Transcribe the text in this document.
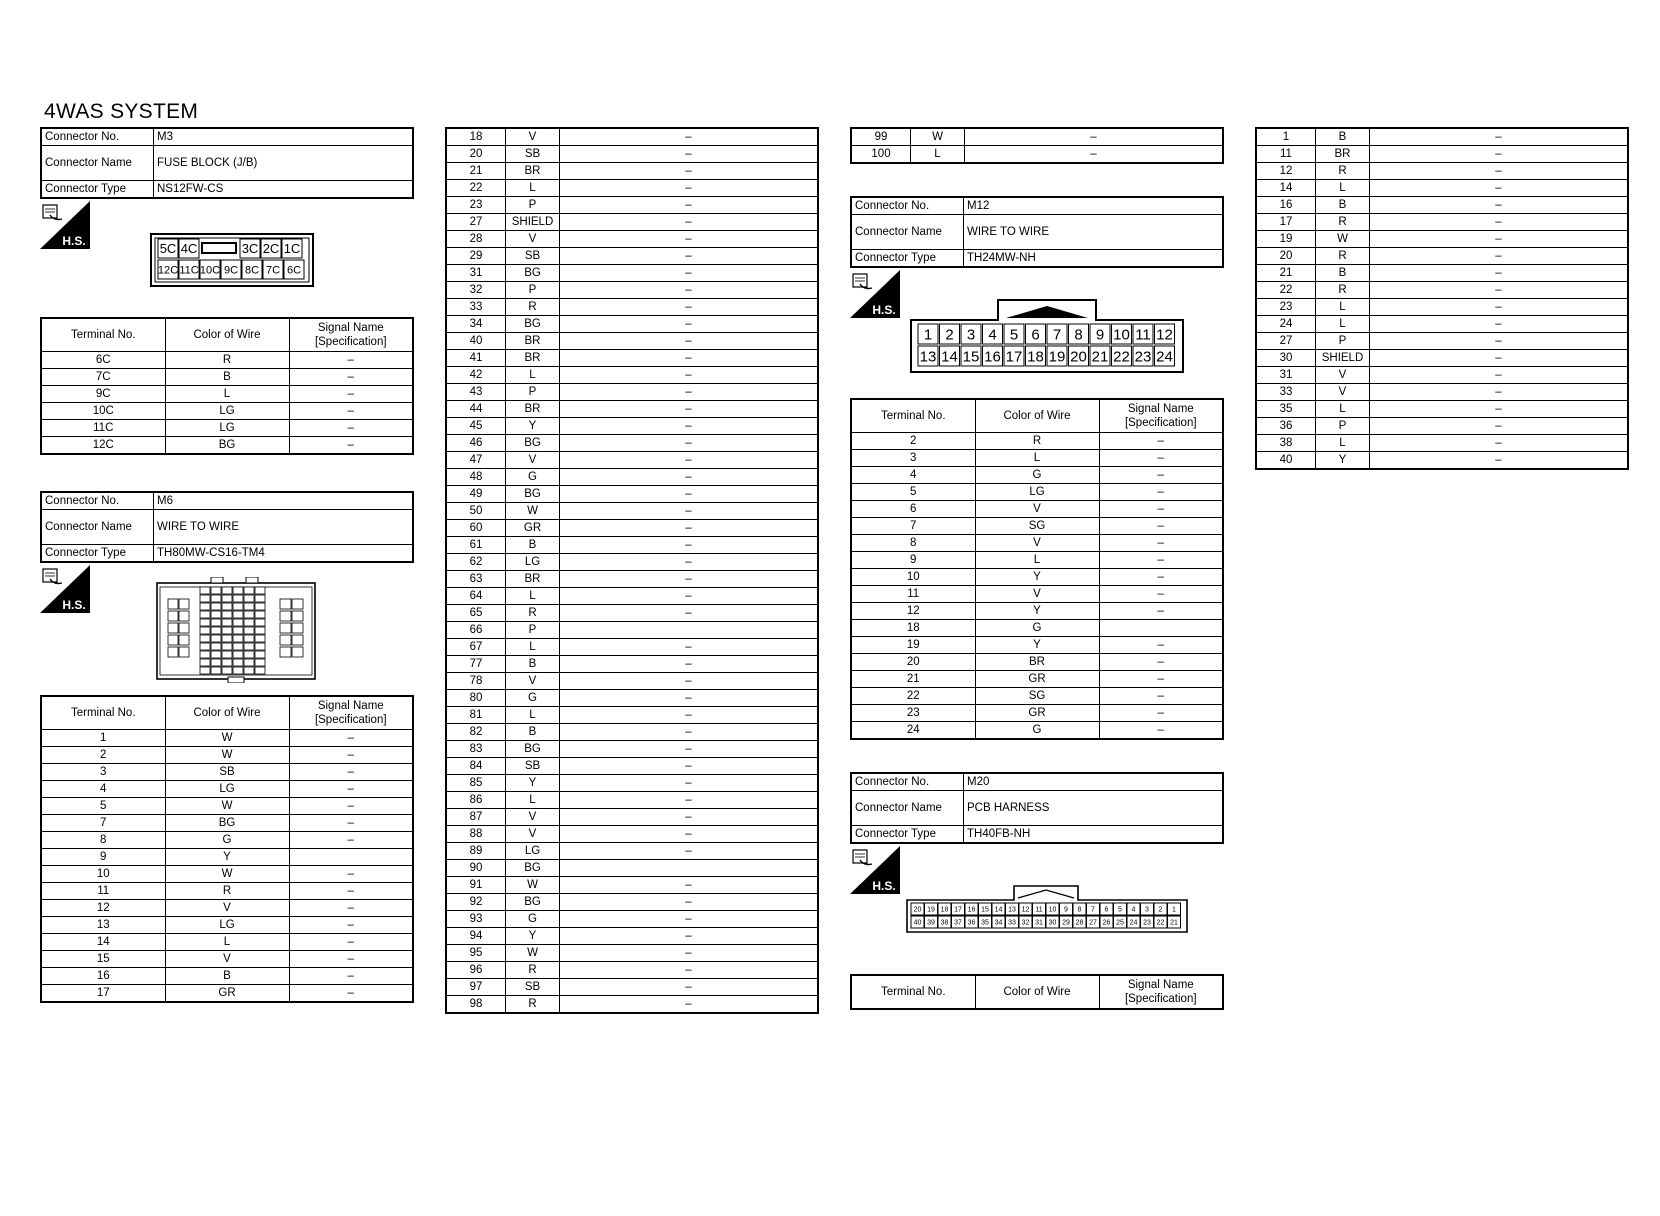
4WAS SYSTEM
Connector No.	M3
Connector Name	FUSE BLOCK (J/B)
Connector Type	NS12FW-CS
H.S.
5C 4C	3C 2C 1C
12C 11C 10C 9C 8C 7C 6C
Terminal No.	Color of Wire	Signal Name [Specification]
6C	R	–
7C	B	–
9C	L	–
10C	LG	–
11C	LG	–
12C	BG	–
Connector No.	M6
Connector Name	WIRE TO WIRE
Connector Type	TH80MW-CS16-TM4
H.S.
Terminal No.	Color of Wire	Signal Name [Specification]
1	W	–
2	W	–
3	SB	–
4	LG	–
5	W	–
7	BG	–
8	G	–
9	Y	
10	W	–
11	R	–
12	V	–
13	LG	–
14	L	–
15	V	–
16	B	–
17	GR	–
18	V	–
20	SB	–
21	BR	–
22	L	–
23	P	–
27	SHIELD	–
28	V	–
29	SB	–
31	BG	–
32	P	–
33	R	–
34	BG	–
40	BR	–
41	BR	–
42	L	–
43	P	–
44	BR	–
45	Y	–
46	BG	–
47	V	–
48	G	–
49	BG	–
50	W	–
60	GR	–
61	B	–
62	LG	–
63	BR	–
64	L	–
65	R	–
66	P	
67	L	–
77	B	–
78	V	–
80	G	–
81	L	–
82	B	–
83	BG	–
84	SB	–
85	Y	–
86	L	–
87	V	–
88	V	–
89	LG	–
90	BG	
91	W	–
92	BG	–
93	G	–
94	Y	–
95	W	–
96	R	–
97	SB	–
98	R	–
99	W	–
100	L	–
Connector No.	M12
Connector Name	WIRE TO WIRE
Connector Type	TH24MW-NH
H.S.
1 2 3 4 5 6 7 8 9 10 11 12
13 14 15 16 17 18 19 20 21 22 23 24
Terminal No.	Color of Wire	Signal Name [Specification]
2	R	–
3	L	–
4	G	–
5	LG	–
6	V	–
7	SG	–
8	V	–
9	L	–
10	Y	–
11	V	–
12	Y	–
18	G	
19	Y	–
20	BR	–
21	GR	–
22	SG	–
23	GR	–
24	G	–
Connector No.	M20
Connector Name	PCB HARNESS
Connector Type	TH40FB-NH
H.S.
20 19 18 17 16 15 14 13 12 11 10 9 8 7 6 5 4 3 2 1
40 39 38 37 36 35 34 33 32 31 30 29 28 27 26 25 24 23 22 21
Terminal No.	Color of Wire	Signal Name [Specification]
1	B	–
11	BR	–
12	R	–
14	L	–
16	B	–
17	R	–
19	W	–
20	R	–
21	B	–
22	R	–
23	L	–
24	L	–
27	P	–
30	SHIELD	–
31	V	–
33	V	–
35	L	–
36	P	–
38	L	–
40	Y	–
